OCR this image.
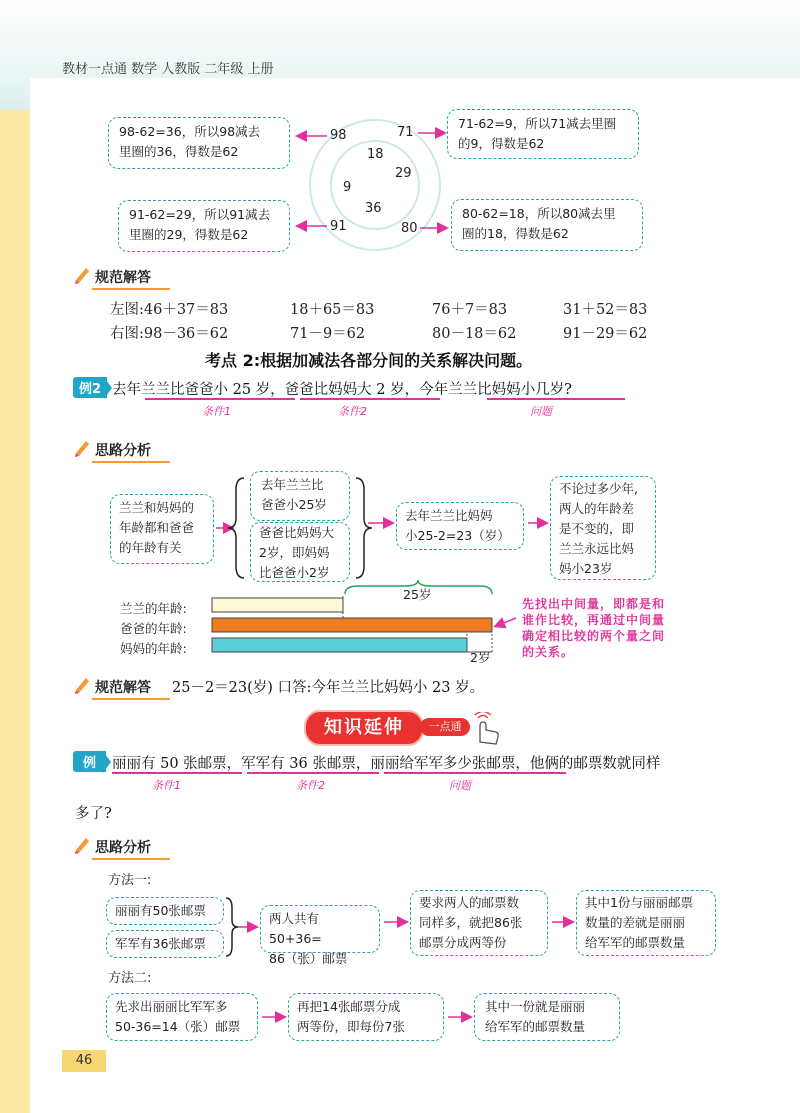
教材一点通 数学 人教版 二年级 上册
98	71
91	80
18
29
9
36
98-62=36，所以98减去
里圈的36，得数是62
71-62=9，所以71减去里圈
的9，得数是62
91-62=29，所以91减去
里圈的29，得数是62
80-62=18，所以80减去里
圈的18，得数是62
规范解答
左图:46＋37＝83	18＋65＝83	76＋7＝83	31＋52＝83
右图:98－36＝62	71－9＝62	80－18＝62	91－29＝62
考点 2:根据加减法各部分间的关系解决问题。
例2 去年兰兰比爸爸小 25 岁，爸爸比妈妈大 2 岁，今年兰兰比妈妈小几岁?
条件1	条件2	问题
思路分析
兰兰和妈妈的
年龄都和爸爸
的年龄有关
去年兰兰比
爸爸小25岁
爸爸比妈妈大
2岁，即妈妈
比爸爸小2岁
去年兰兰比妈妈
小25-2=23（岁）
不论过多少年,
两人的年龄差
是不变的，即
兰兰永远比妈
妈小23岁
兰兰的年龄:
爸爸的年龄:
妈妈的年龄:
25岁
2岁
先找出中间量，即都是和
谁作比较，再通过中间量
确定相比较的两个量之间
的关系。
规范解答 25－2＝23(岁) 口答:今年兰兰比妈妈小 23 岁。
知识延伸	一点通
例	丽丽有 50 张邮票，军军有 36 张邮票，丽丽给军军多少张邮票，他俩的邮票数就同样
条件1	条件2	问题
多了?
思路分析
方法一:
丽丽有50张邮票
军军有36张邮票
两人共有50+36=
86（张）邮票
要求两人的邮票数
同样多，就把86张
邮票分成两等份
其中1份与丽丽邮票
数量的差就是丽丽
给军军的邮票数量
方法二:
先求出丽丽比军军多
50-36=14（张）邮票
再把14张邮票分成
两等份，即每份7张
其中一份就是丽丽
给军军的邮票数量
46
